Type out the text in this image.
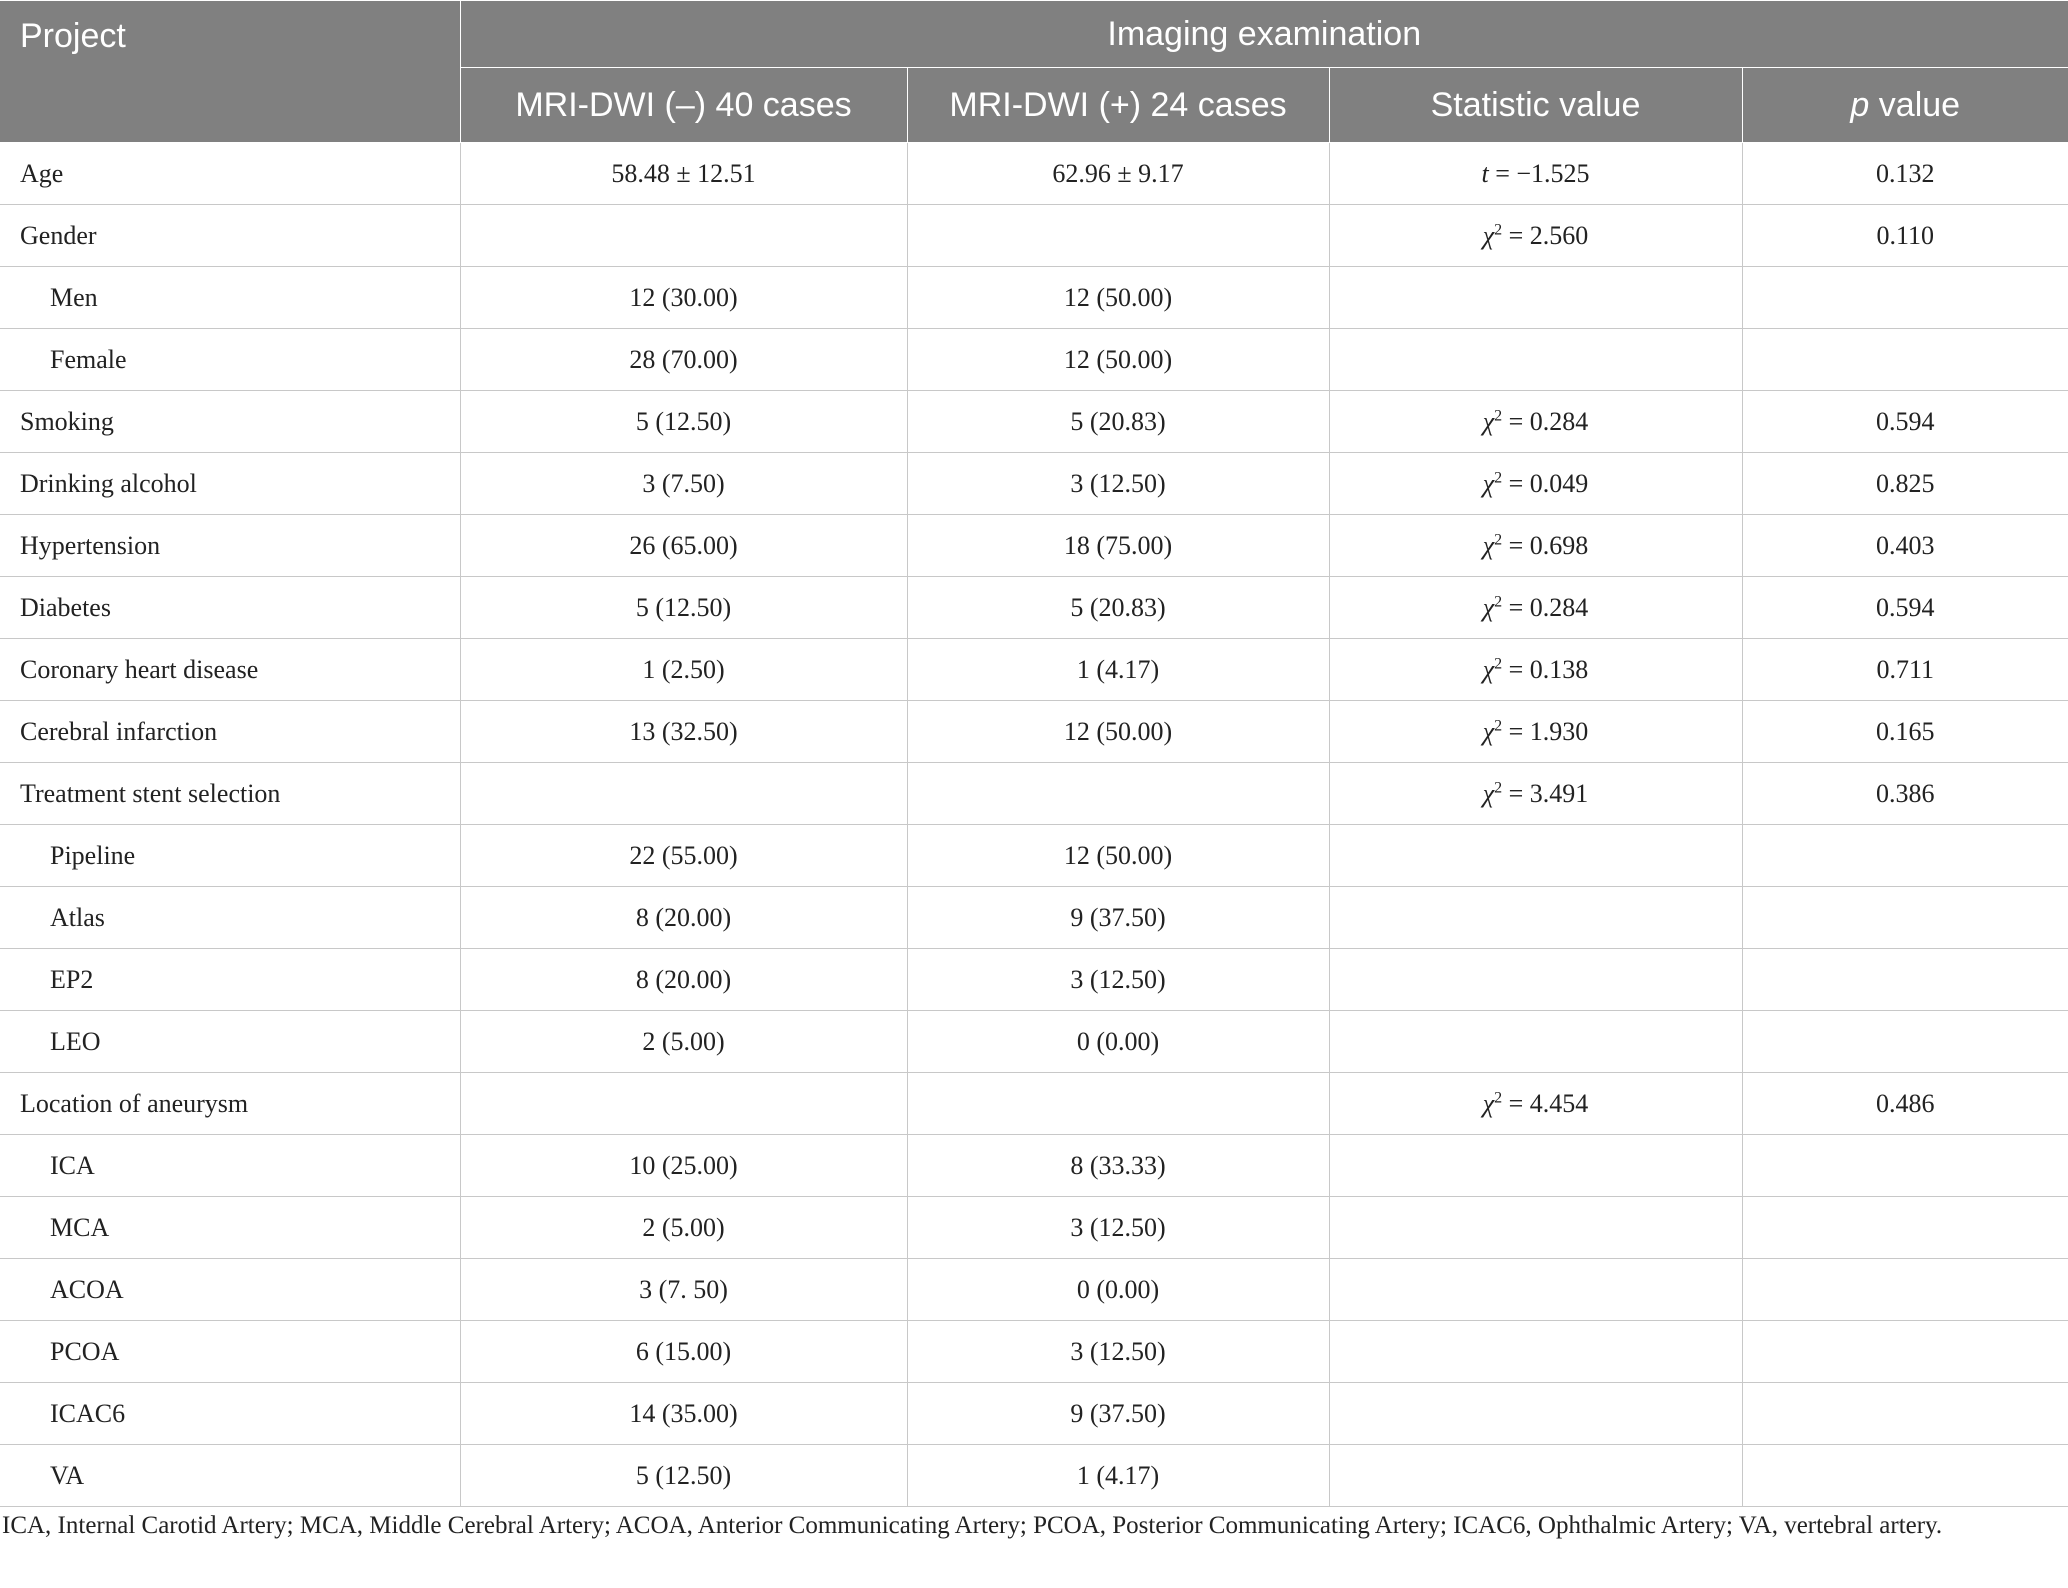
Project	Imaging examination			
	MRI-DWI (–) 40 cases	MRI-DWI (+) 24 cases	Statistic value	p value
Age	58.48 ± 12.51	62.96 ± 9.17	t = −1.525	0.132
Gender			$\chi^2 = 2.560$	0.110
Men	12 (30.00)	12 (50.00)		
Female	28 (70.00)	12 (50.00)		
Smoking	5 (12.50)	5 (20.83)	$\chi^2 = 0.284$	0.594
Drinking alcohol	3 (7.50)	3 (12.50)	$\chi^2 = 0.049$	0.825
Hypertension	26 (65.00)	18 (75.00)	$\chi^2 = 0.698$	0.403
Diabetes	5 (12.50)	5 (20.83)	$\chi^2 = 0.284$	0.594
Coronary heart disease	1 (2.50)	1 (4.17)	$\chi^2 = 0.138$	0.711
Cerebral infarction	13 (32.50)	12 (50.00)	$\chi^2 = 1.930$	0.165
Treatment stent selection			$\chi^2 = 3.491$	0.386
Pipeline	22 (55.00)	12 (50.00)		
Atlas	8 (20.00)	9 (37.50)		
EP2	8 (20.00)	3 (12.50)		
LEO	2 (5.00)	0 (0.00)		
Location of aneurysm			$\chi^2 = 4.454$	0.486
ICA	10 (25.00)	8 (33.33)		
MCA	2 (5.00)	3 (12.50)		
ACOA	3 (7. 50)	0 (0.00)		
PCOA	6 (15.00)	3 (12.50)		
ICAC6	14 (35.00)	9 (37.50)		
VA	5 (12.50)	1 (4.17)		
ICA, Internal Carotid Artery; MCA, Middle Cerebral Artery; ACOA, Anterior Communicating Artery; PCOA, Posterior Communicating Artery; ICAC6, Ophthalmic Artery; VA, vertebral artery.
